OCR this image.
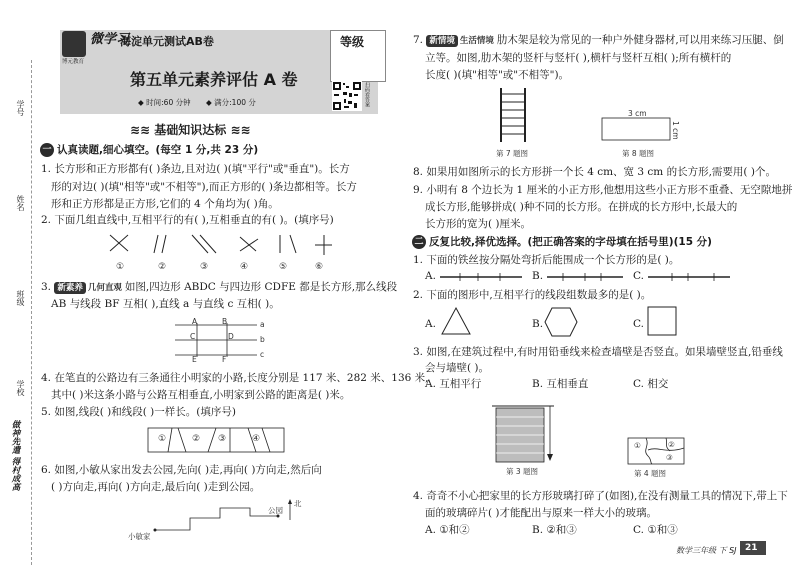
等级
博元教育
微学习
海淀单元测试AB卷
第五单元素养评估 A 卷
◆ 时间:60 分钟 ◆ 满分:100 分	扫码看答案
学号
姓名
班级
学校
做神先遣 得村成高
≋≋ 基础知识达标 ≋≋
一 认真读题,细心填空。(每空 1 分,共 23 分)
1. 长方形和正方形都有( )条边,且对边( )(填"平行"或"垂直")。长方
形的对边( )(填"相等"或"不相等"),而正方形的( )条边都相等。长方
形和正方形都是正方形,它们的 4 个角均为( )角。
2. 下面几组直线中,互相平行的有( ),互相垂直的有( )。(填序号)
①	②	③	④	⑤	⑥
3. 新素养 几何直观 如图,四边形 ABDC 与四边形 CDFE 都是长方形,那么线段
AB 与线段 BF 互相( ),直线 a 与直线 c 互相( )。
A	B
C	D
E	F
a
b
c
4. 在笔直的公路边有三条通往小明家的小路,长度分别是 117 米、282 米、136 米,
其中( )米这条小路与公路互相垂直,小明家到公路的距离是( )米。
5. 如图,线段( )和线段( )一样长。(填序号)
①	② ③	④
6. 如图,小敏从家出发去公园,先向( )走,再向( )方向走,然后向
( )方向走,再向( )方向走,最后向( )走到公园。
小敏家
公园
北
7. 新情境 生活情境 肋木架是较为常见的一种户外健身器材,可以用来练习压腿、倒
立等。如图,肋木架的竖杆与竖杆( ),横杆与竖杆互相( );所有横杆的
长度( )(填"相等"或"不相等")。
第 7 题图
3 cm
1 cm
第 8 题图
8. 如果用如图所示的长方形拼一个长 4 cm、宽 3 cm 的长方形,需要用( )个。
9. 小明有 8 个边长为 1 厘米的小正方形,他想用这些小正方形不重叠、无空隙地拼
成长方形,能够拼成( )种不同的长方形。在拼成的长方形中,长最大的
长方形的宽为( )厘米。
二 反复比较,择优选择。(把正确答案的字母填在括号里)(15 分)
1. 下面的铁丝按分隔处弯折后能围成一个长方形的是( )。
A.	B.	C.
2. 下面的图形中,互相平行的线段组数最多的是( )。
A.	B.	C.
3. 如图,在建筑过程中,有时用铅垂线来检查墙壁是否竖直。如果墙壁竖直,铅垂线
会与墙壁( )。
A. 互相平行	B. 互相垂直	C. 相交
第 3 题图
①	②
③
第 4 题图
4. 奇奇不小心把家里的长方形玻璃打碎了(如图),在没有测量工具的情况下,带上下
面的玻璃碎片( )才能配出与原来一样大小的玻璃。
A. ①和②	B. ②和③	C. ①和③
数学三年级 下 SJ 21
